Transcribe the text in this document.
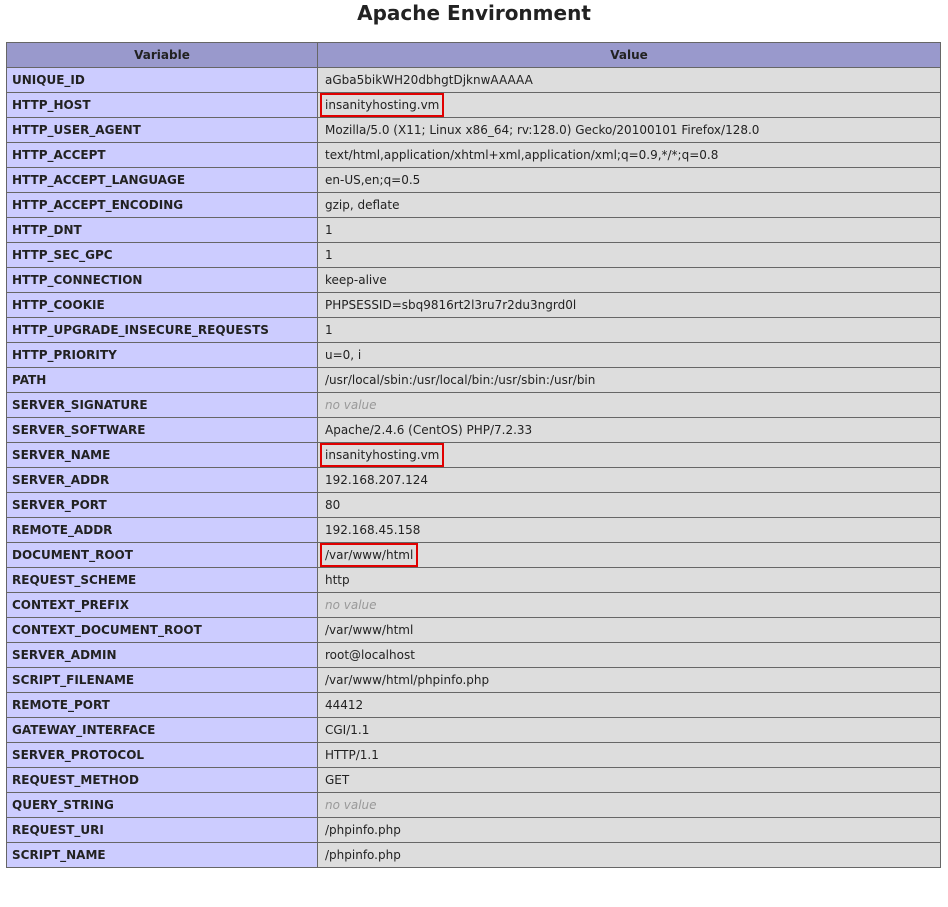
Apache Environment
Variable	Value
UNIQUE_ID	aGba5bikWH20dbhgtDjknwAAAAA
HTTP_HOST	insanityhosting.vm
HTTP_USER_AGENT	Mozilla/5.0 (X11; Linux x86_64; rv:128.0) Gecko/20100101 Firefox/128.0
HTTP_ACCEPT	text/html,application/xhtml+xml,application/xml;q=0.9,*/*;q=0.8
HTTP_ACCEPT_LANGUAGE	en-US,en;q=0.5
HTTP_ACCEPT_ENCODING	gzip, deflate
HTTP_DNT	1
HTTP_SEC_GPC	1
HTTP_CONNECTION	keep-alive
HTTP_COOKIE	PHPSESSID=sbq9816rt2l3ru7r2du3ngrd0l
HTTP_UPGRADE_INSECURE_REQUESTS	1
HTTP_PRIORITY	u=0, i
PATH	/usr/local/sbin:/usr/local/bin:/usr/sbin:/usr/bin
SERVER_SIGNATURE	no value
SERVER_SOFTWARE	Apache/2.4.6 (CentOS) PHP/7.2.33
SERVER_NAME	insanityhosting.vm
SERVER_ADDR	192.168.207.124
SERVER_PORT	80
REMOTE_ADDR	192.168.45.158
DOCUMENT_ROOT	/var/www/html
REQUEST_SCHEME	http
CONTEXT_PREFIX	no value
CONTEXT_DOCUMENT_ROOT	/var/www/html
SERVER_ADMIN	root@localhost
SCRIPT_FILENAME	/var/www/html/phpinfo.php
REMOTE_PORT	44412
GATEWAY_INTERFACE	CGI/1.1
SERVER_PROTOCOL	HTTP/1.1
REQUEST_METHOD	GET
QUERY_STRING	no value
REQUEST_URI	/phpinfo.php
SCRIPT_NAME	/phpinfo.php
